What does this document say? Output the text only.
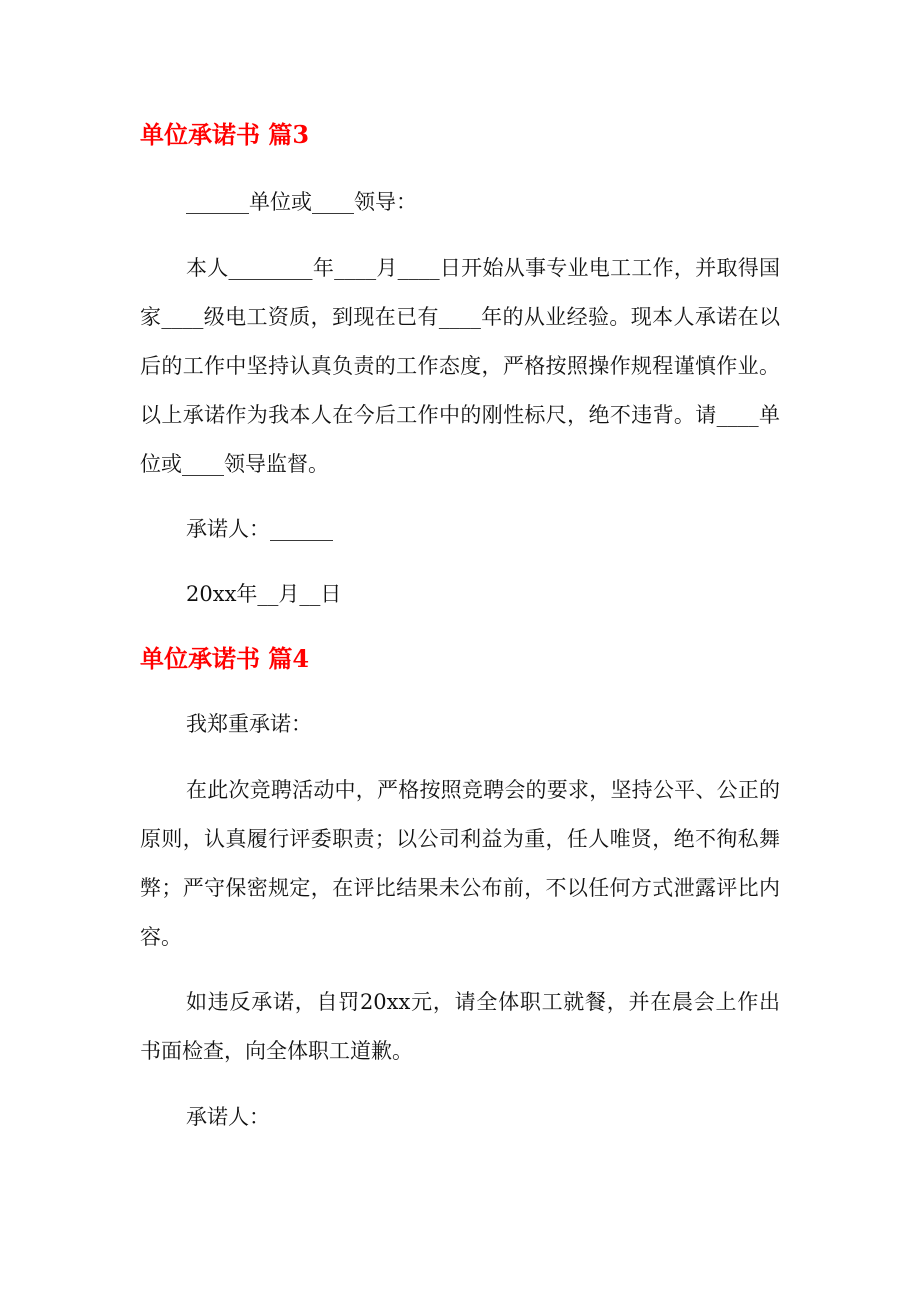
单位承诺书 篇3

______单位或____领导：

本人________年____月____日开始从事专业电工工作，并取得国家____级电工资质，到现在已有____年的从业经验。现本人承诺在以后的工作中坚持认真负责的工作态度，严格按照操作规程谨慎作业。以上承诺作为我本人在今后工作中的刚性标尺，绝不违背。请____单位或____领导监督。

承诺人：______

20xx年__月__日

单位承诺书 篇4

我郑重承诺：

在此次竞聘活动中，严格按照竞聘会的要求，坚持公平、公正的原则，认真履行评委职责；以公司利益为重，任人唯贤，绝不徇私舞弊；严守保密规定，在评比结果未公布前，不以任何方式泄露评比内容。

如违反承诺，自罚20xx元，请全体职工就餐，并在晨会上作出书面检查，向全体职工道歉。

承诺人：
